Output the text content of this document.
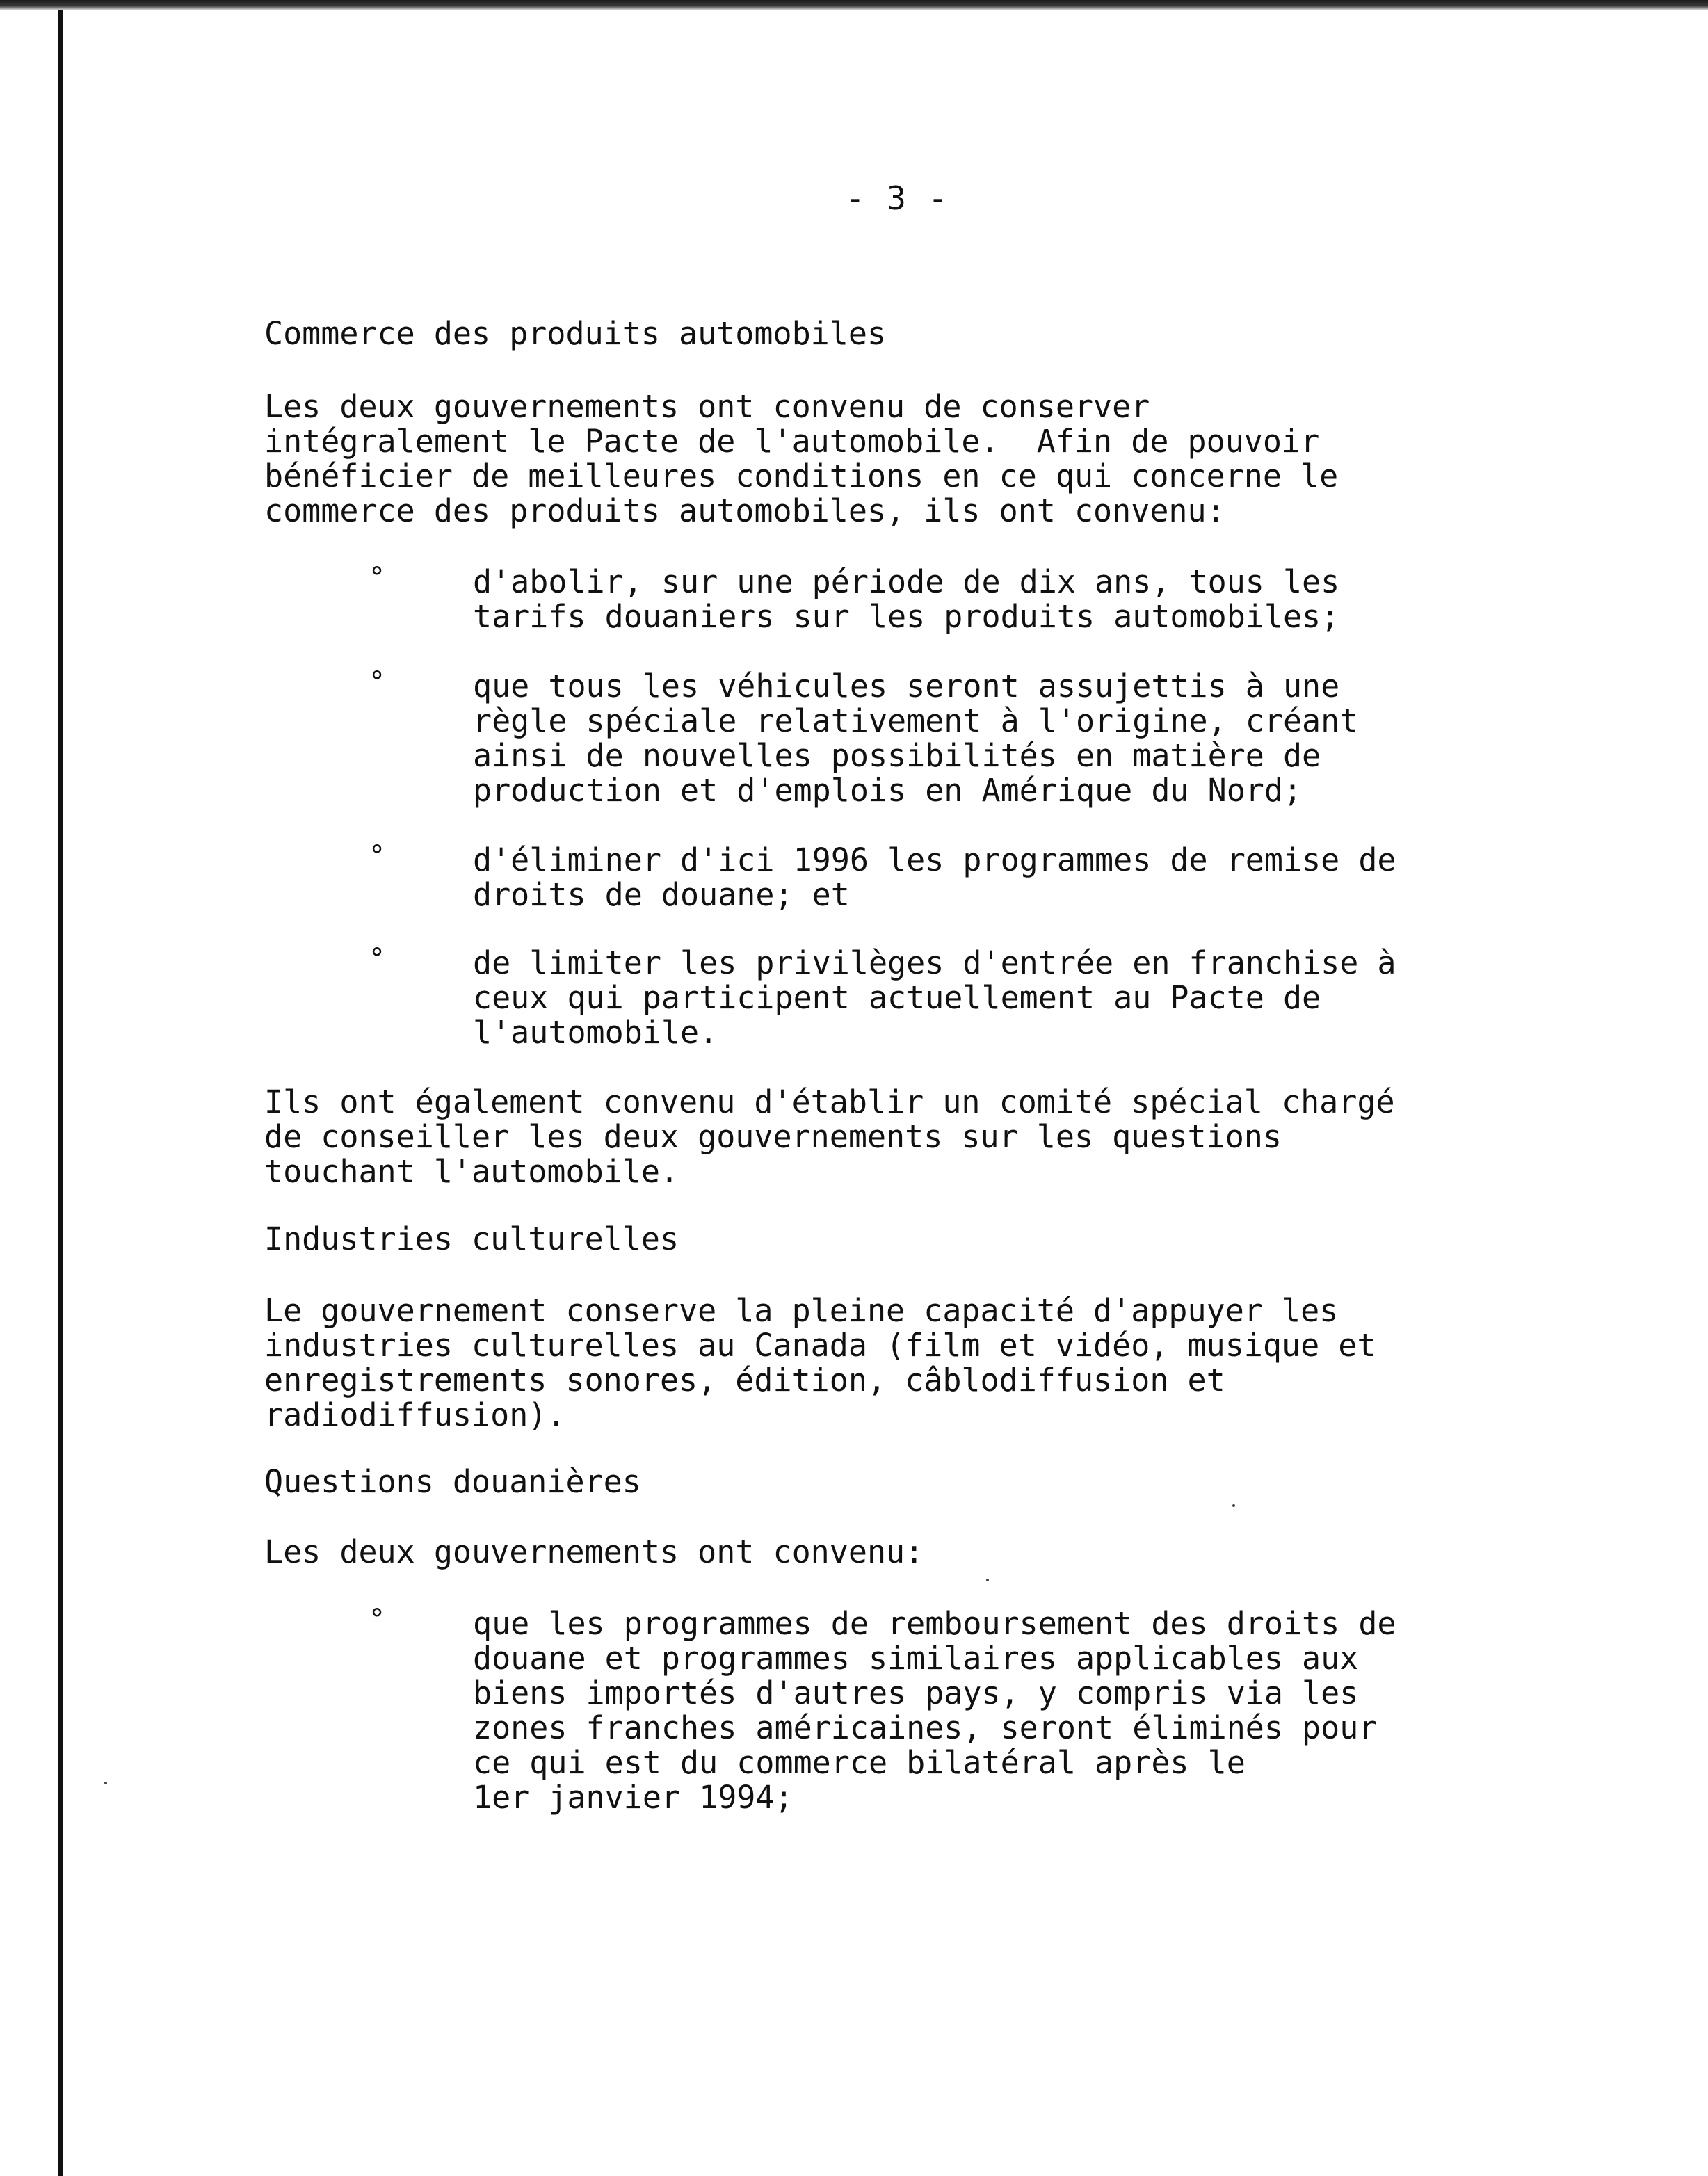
- 3 -
Commerce des produits automobiles
Les deux gouvernements ont convenu de conserver
intégralement le Pacte de l'automobile.  Afin de pouvoir
bénéficier de meilleures conditions en ce qui concerne le
commerce des produits automobiles, ils ont convenu:
°	d'abolir, sur une période de dix ans, tous les
tarifs douaniers sur les produits automobiles;
°	que tous les véhicules seront assujettis à une
règle spéciale relativement à l'origine, créant
ainsi de nouvelles possibilités en matière de
production et d'emplois en Amérique du Nord;
°	d'éliminer d'ici 1996 les programmes de remise de
droits de douane; et
°	de limiter les privilèges d'entrée en franchise à
ceux qui participent actuellement au Pacte de
l'automobile.
Ils ont également convenu d'établir un comité spécial chargé
de conseiller les deux gouvernements sur les questions
touchant l'automobile.
Industries culturelles
Le gouvernement conserve la pleine capacité d'appuyer les
industries culturelles au Canada (film et vidéo, musique et
enregistrements sonores, édition, câblodiffusion et
radiodiffusion).
Questions douanières
Les deux gouvernements ont convenu:
°	que les programmes de remboursement des droits de
douane et programmes similaires applicables aux
biens importés d'autres pays, y compris via les
zones franches américaines, seront éliminés pour
ce qui est du commerce bilatéral après le
1er janvier 1994;
